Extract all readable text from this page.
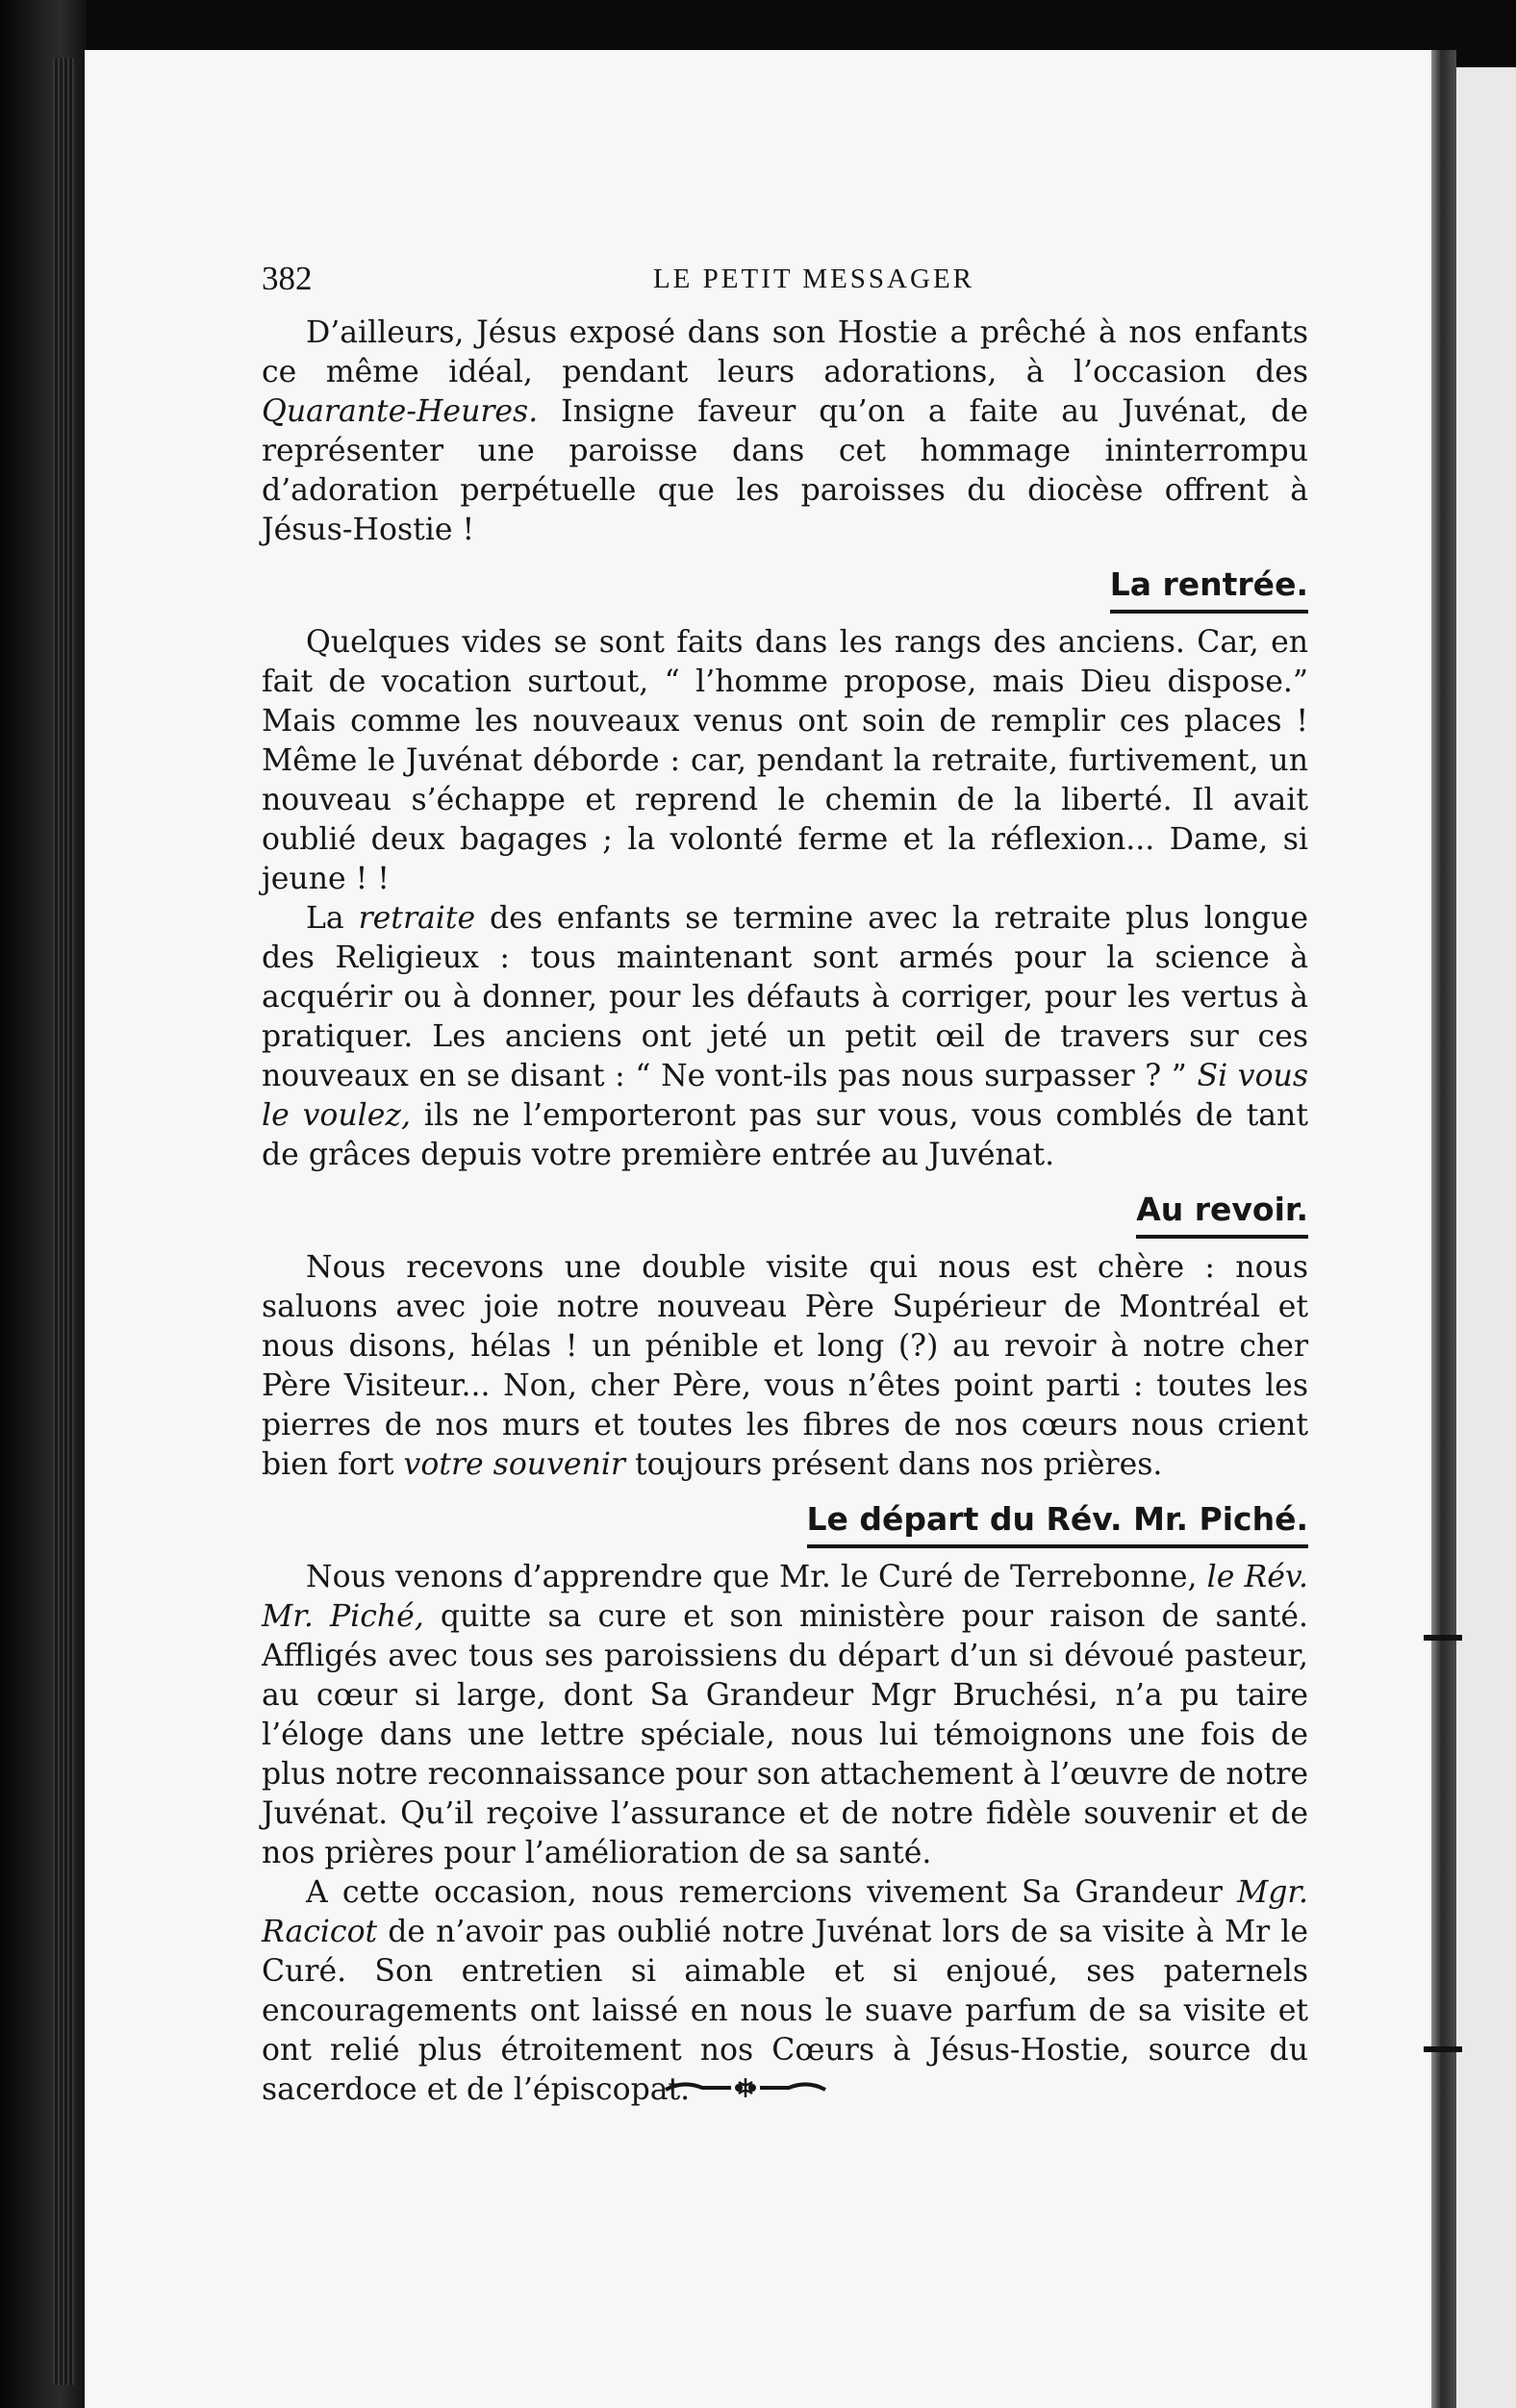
382	LE PETIT MESSAGER

D’ailleurs, Jésus exposé dans son Hostie a prêché à nos enfants ce même idéal, pendant leurs adorations, à l’occasion des Quarante-Heures. Insigne faveur qu’on a faite au Juvénat, de représenter une paroisse dans cet hommage ininterrompu d’adoration perpétuelle que les paroisses du diocèse offrent à Jésus-Hostie !

La rentrée.

Quelques vides se sont faits dans les rangs des anciens. Car, en fait de vocation surtout, “ l’homme propose, mais Dieu dispose.” Mais comme les nouveaux venus ont soin de remplir ces places ! Même le Juvénat déborde : car, pendant la retraite, furtivement, un nouveau s’échappe et reprend le chemin de la liberté. Il avait oublié deux bagages ; la volonté ferme et la réflexion... Dame, si jeune ! !

La retraite des enfants se termine avec la retraite plus longue des Religieux : tous maintenant sont armés pour la science à acquérir ou à donner, pour les défauts à corriger, pour les vertus à pratiquer. Les anciens ont jeté un petit œil de travers sur ces nouveaux en se disant : “ Ne vont-ils pas nous surpasser ? ” Si vous le voulez, ils ne l’emporteront pas sur vous, vous comblés de tant de grâces depuis votre première entrée au Juvénat.

Au revoir.

Nous recevons une double visite qui nous est chère : nous saluons avec joie notre nouveau Père Supérieur de Montréal et nous disons, hélas ! un pénible et long (?) au revoir à notre cher Père Visiteur... Non, cher Père, vous n’êtes point parti : toutes les pierres de nos murs et toutes les fibres de nos cœurs nous crient bien fort votre souvenir toujours présent dans nos prières.

Le départ du Rév. Mr. Piché.

Nous venons d’apprendre que Mr. le Curé de Terrebonne, le Rév. Mr. Piché, quitte sa cure et son ministère pour raison de santé. Affligés avec tous ses paroissiens du départ d’un si dévoué pasteur, au cœur si large, dont Sa Grandeur Mgr Bruchési, n’a pu taire l’éloge dans une lettre spéciale, nous lui témoignons une fois de plus notre reconnaissance pour son attachement à l’œuvre de notre Juvénat. Qu’il reçoive l’assurance et de notre fidèle souvenir et de nos prières pour l’amélioration de sa santé.

A cette occasion, nous remercions vivement Sa Grandeur Mgr. Racicot de n’avoir pas oublié notre Juvénat lors de sa visite à Mr le Curé. Son entretien si aimable et si enjoué, ses paternels encouragements ont laissé en nous le suave parfum de sa visite et ont relié plus étroitement nos Cœurs à Jésus-Hostie, source du sacerdoce et de l’épiscopat.
